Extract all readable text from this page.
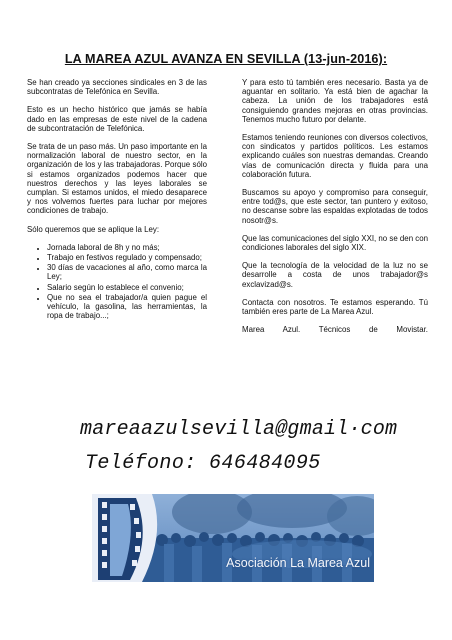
LA MAREA AZUL AVANZA EN SEVILLA (13-jun-2016):

Se han creado ya secciones sindicales en 3 de las subcontratas de Telefónica en Sevilla.

Esto es un hecho histórico que jamás se había dado en las empresas de este nivel de la cadena de subcontratación de Telefónica.

Se trata de un paso más. Un paso importante en la normalización laboral de nuestro sector, en la organización de los y las trabajadoras. Porque sólo si estamos organizados podemos hacer que nuestros derechos y las leyes laborales se cumplan. Si estamos unidos, el miedo desaparece y nos volvemos fuertes para luchar por mejores condiciones de trabajo.

Sólo queremos que se aplique la Ley:

• Jornada laboral de 8h y no más;
• Trabajo en festivos regulado y compensado;
• 30 días de vacaciones al año, como marca la Ley;
• Salario según lo establece el convenio;
• Que no sea el trabajador/a quien pague el vehículo, la gasolina, las herramientas, la ropa de trabajo...;

Y para esto tú también eres necesario. Basta ya de aguantar en solitario. Ya está bien de agachar la cabeza. La unión de los trabajadores está consiguiendo grandes mejoras en otras provincias. Tenemos mucho futuro por delante.

Estamos teniendo reuniones con diversos colectivos, con sindicatos y partidos políticos. Les estamos explicando cuáles son nuestras demandas. Creando vías de comunicación directa y fluida para una colaboración futura.

Buscamos su apoyo y compromiso para conseguir, entre tod@s, que este sector, tan puntero y exitoso, no descanse sobre las espaldas explotadas de todos nosotr@s.

Que las comunicaciones del siglo XXI, no se den con condiciones laborales del siglo XIX.

Que la tecnología de la velocidad de la luz no se desarrolle a costa de unos trabajador@s exclavizad@s.

Contacta con nosotros. Te estamos esperando. Tú también eres parte de La Marea Azul.

Marea Azul. Técnicos de Movistar.

mareaazulsevilla@gmail·com
Teléfono: 646484095
Asociación La Marea Azul
